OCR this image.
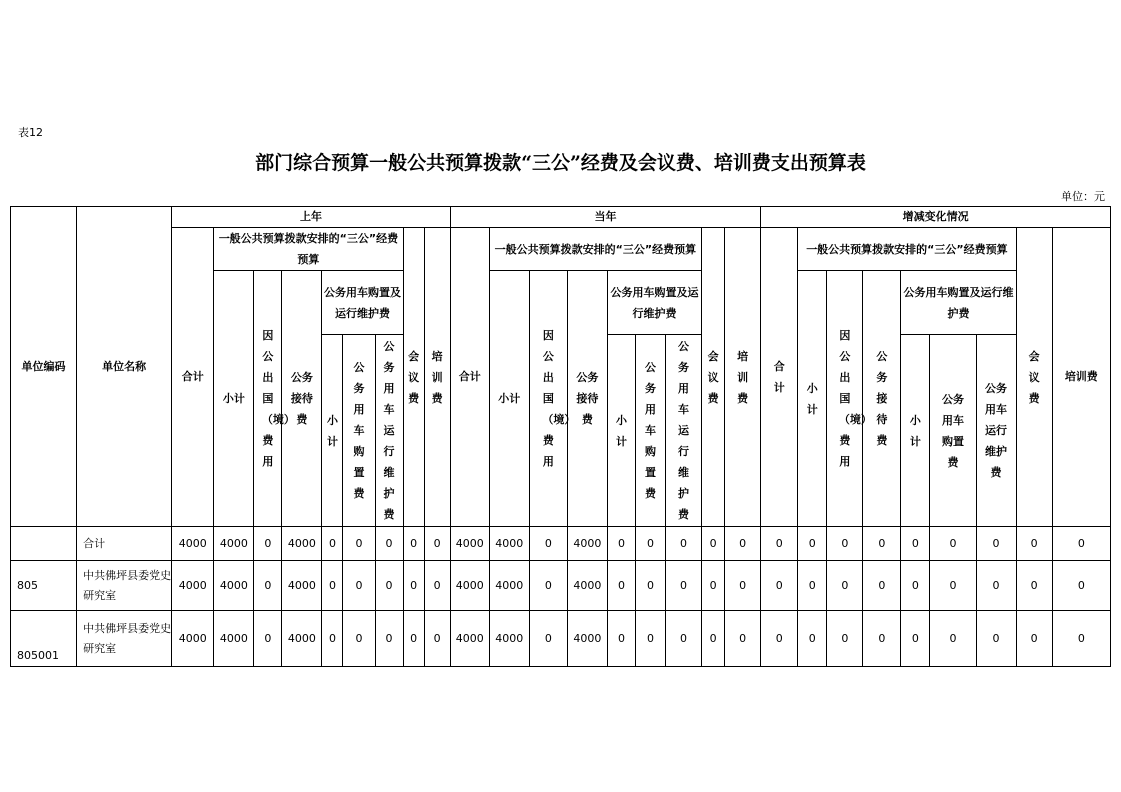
表12
部门综合预算一般公共预算拨款“三公”经费及会议费、培训费支出预算表
单位：元
单位编码	单位名称	上年									当年									增减变化情况								
		合计	一般公共预算拨款安排的“三公”经费预算						会议费	培训费	合计	一般公共预算拨款安排的“三公”经费预算						会议费	培训费	合计	一般公共预算拨款安排的“三公”经费预算						会议费	培训费
			小计	因公出国（境）费用	公务接待费	公务用车购置及运行维护费						小计	因公出国（境）费用	公务接待费	公务用车购置及运行维护费						小计	因公出国（境）费用	公务接待费	公务用车购置及运行维护费				

						小计	公务用车购置费	公务用车运行维护费							小计	公务用车购置费	公务用车运行维护费							小计	公务用车购置费	公务用车运行维护费		
	合计	4000	4000	0	4000	0	0	0	0	0	4000	4000	0	4000	0	0	0	0	0	0	0	0	0	0	0	0	0	0
805	中共佛坪县委党史研究室	4000	4000	0	4000	0	0	0	0	0	4000	4000	0	4000	0	0	0	0	0	0	0	0	0	0	0	0	0	0
805001	中共佛坪县委党史研究室	4000	4000	0	4000	0	0	0	0	0	4000	4000	0	4000	0	0	0	0	0	0	0	0	0	0	0	0	0	0
